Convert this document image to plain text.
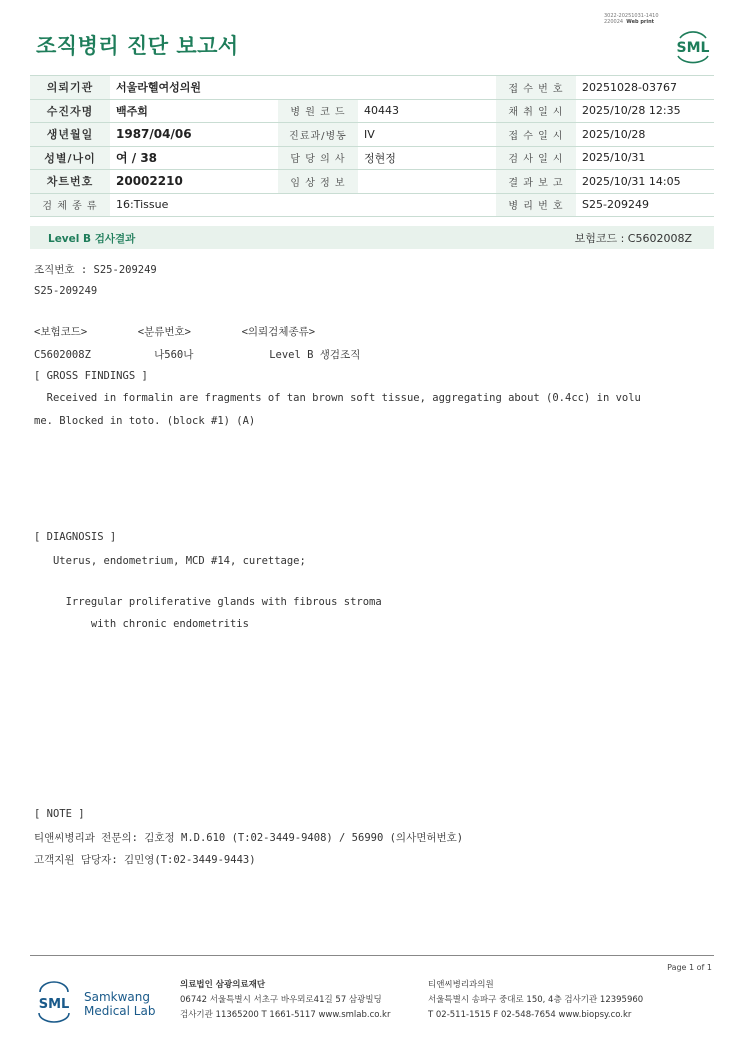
3022-20251031-1410
220024 Web print
조직병리 진단 보고서	SML
의뢰기관	서울라헬여성의원			접 수 번 호	20251028-03767
수진자명	백주희	병 원 코 드	40443	채 취 일 시	2025/10/28 12:35
생년월일	1987/04/06	진료과/병동	IV	접 수 일 시	2025/10/28
성별/나이	여 / 38	담 당 의 사	정현정	검 사 일 시	2025/10/31
차트번호	20002210	임 상 정 보		결 과 보 고	2025/10/31 14:05
검 체 종 류	16:Tissue			병 리 번 호	S25-209249
Level B 검사결과	보험코드 : C5602008Z
조직번호 : S25-209249
S25-209249
<보험코드>        <분류번호>        <의뢰검체종류>
C5602008Z          나560나            Level B 생검조직
[ GROSS FINDINGS ]
Received in formalin are fragments of tan brown soft tissue, aggregating about (0.4cc) in volu
me. Blocked in toto. (block #1) (A)
[ DIAGNOSIS ]
Uterus, endometrium, MCD #14, curettage;
Irregular proliferative glands with fibrous stroma
with chronic endometritis
[ NOTE ]
티앤씨병리과 전문의: 김호정 M.D.610 (T:02-3449-9408) / 56990 (의사면허번호)
고객지원 담당자: 김민영(T:02-3449-9443)
Page 1 of 1
SML Samkwang
Medical Lab
의료법인 삼광의료재단
06742 서울특별시 서초구 바우뫼로41길 57 삼광빌딩
검사기관 11365200 T 1661-5117 www.smlab.co.kr
티앤씨병리과의원
서울특별시 송파구 중대로 150, 4층 검사기관 12395960
T 02-511-1515 F 02-548-7654 www.biopsy.co.kr
